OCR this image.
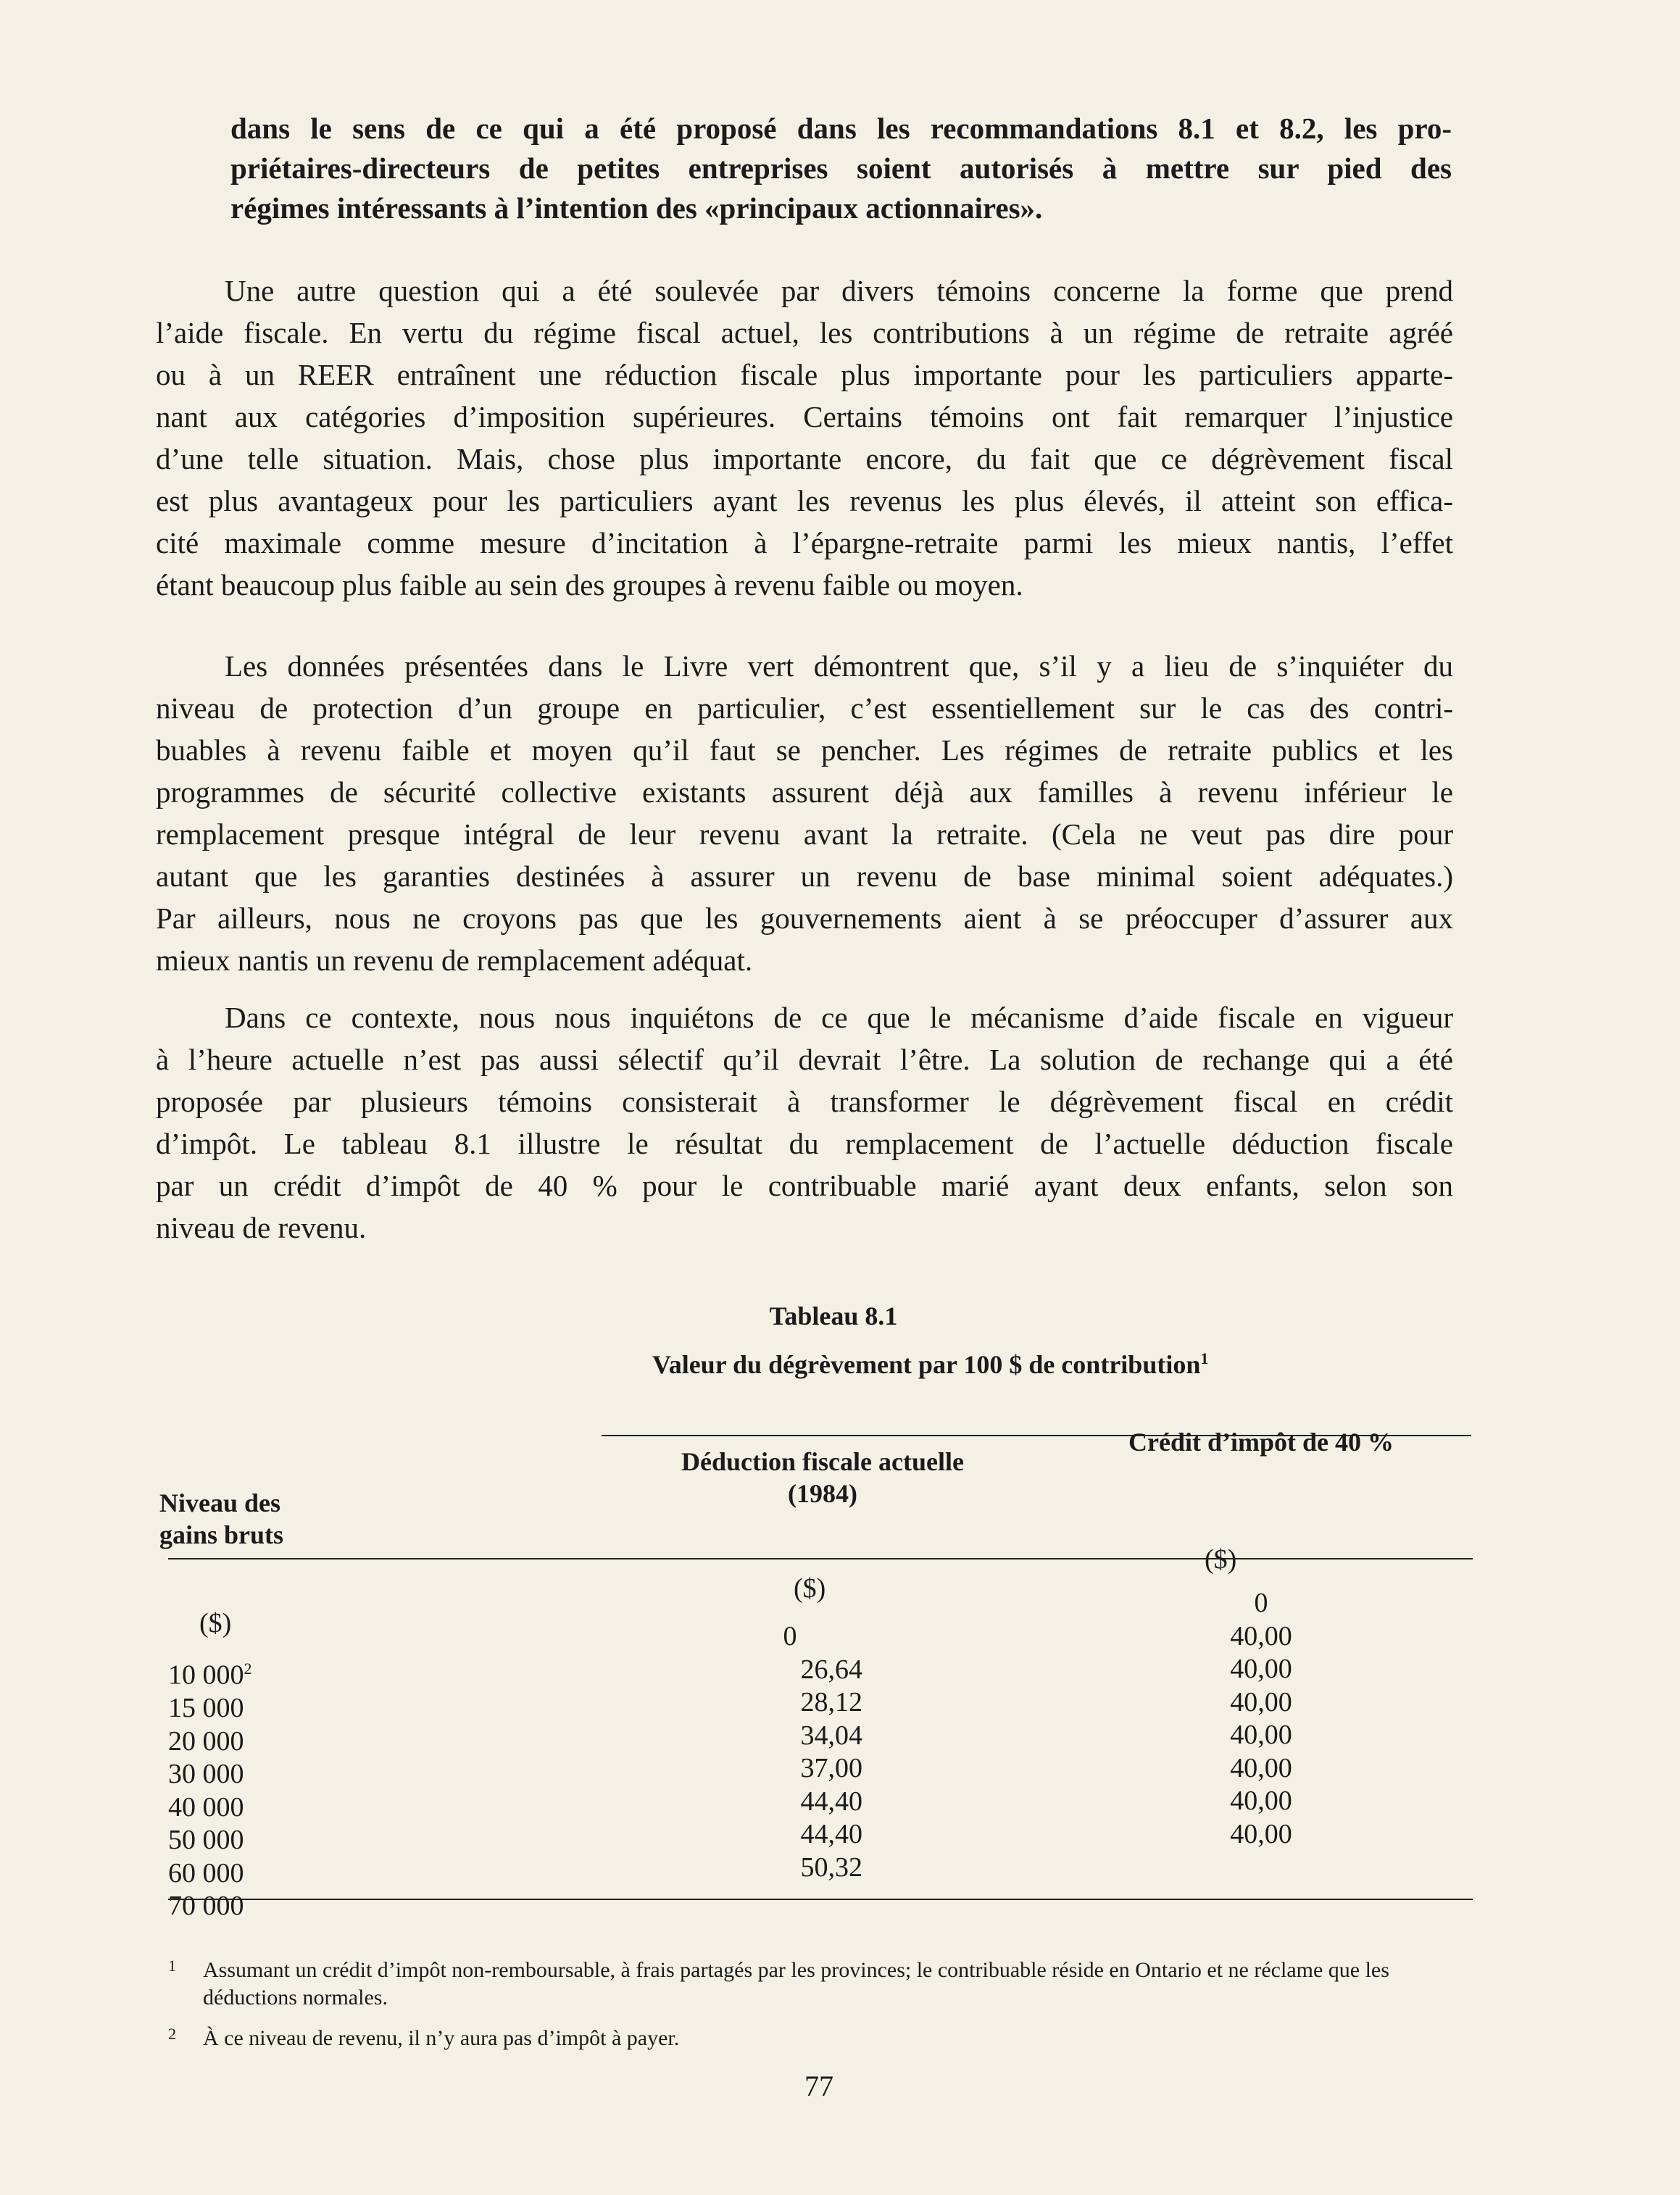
dans le sens de ce qui a été proposé dans les recommandations 8.1 et 8.2, les pro-
priétaires-directeurs de petites entreprises soient autorisés à mettre sur pied des
régimes intéressants à l’intention des «principaux actionnaires».
Une autre question qui a été soulevée par divers témoins concerne la forme que prend
l’aide fiscale. En vertu du régime fiscal actuel, les contributions à un régime de retraite agréé
ou à un REER entraînent une réduction fiscale plus importante pour les particuliers apparte-
nant aux catégories d’imposition supérieures. Certains témoins ont fait remarquer l’injustice
d’une telle situation. Mais, chose plus importante encore, du fait que ce dégrèvement fiscal
est plus avantageux pour les particuliers ayant les revenus les plus élevés, il atteint son effica-
cité maximale comme mesure d’incitation à l’épargne-retraite parmi les mieux nantis, l’effet
étant beaucoup plus faible au sein des groupes à revenu faible ou moyen.
Les données présentées dans le Livre vert démontrent que, s’il y a lieu de s’inquiéter du
niveau de protection d’un groupe en particulier, c’est essentiellement sur le cas des contri-
buables à revenu faible et moyen qu’il faut se pencher. Les régimes de retraite publics et les
programmes de sécurité collective existants assurent déjà aux familles à revenu inférieur le
remplacement presque intégral de leur revenu avant la retraite. (Cela ne veut pas dire pour
autant que les garanties destinées à assurer un revenu de base minimal soient adéquates.)
Par ailleurs, nous ne croyons pas que les gouvernements aient à se préoccuper d’assurer aux
mieux nantis un revenu de remplacement adéquat.
Dans ce contexte, nous nous inquiétons de ce que le mécanisme d’aide fiscale en vigueur
à l’heure actuelle n’est pas aussi sélectif qu’il devrait l’être. La solution de rechange qui a été
proposée par plusieurs témoins consisterait à transformer le dégrèvement fiscal en crédit
d’impôt. Le tableau 8.1 illustre le résultat du remplacement de l’actuelle déduction fiscale
par un crédit d’impôt de 40 % pour le contribuable marié ayant deux enfants, selon son
niveau de revenu.
Tableau 8.1
Valeur du dégrèvement par 100 $ de contribution$^1$
Déduction fiscale actuelle (1984)
Crédit d’impôt de 40 %
Niveau des gains bruts
($)
($)
($)
10 $000^2$
15 000
20 000
30 000
40 000
50 000
60 000
70 000
0
26,64
28,12
34,04
37,00
44,40
44,40
50,32
0
40,00
40,00
40,00
40,00
40,00
40,00
40,00
1 Assumant un crédit d’impôt non-remboursable, à frais partagés par les provinces; le contribuable réside en Ontario et ne réclame que les déductions normales.
2 À ce niveau de revenu, il n’y aura pas d’impôt à payer.
77
